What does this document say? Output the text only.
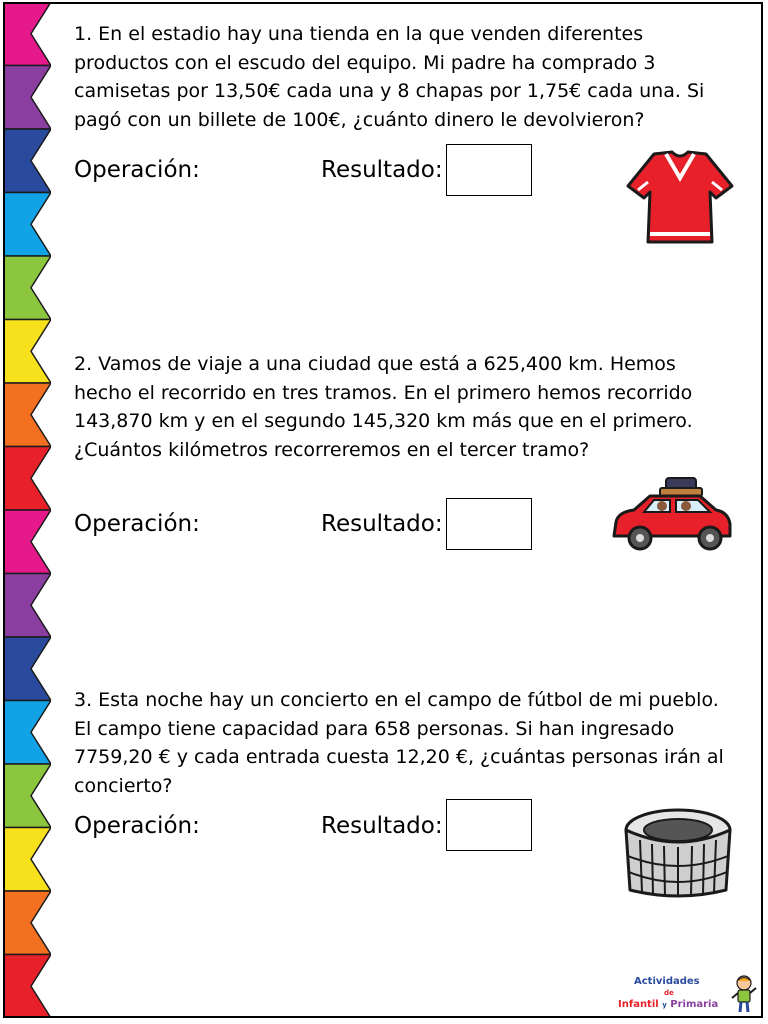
1. En el estadio hay una tienda en la que venden diferentes productos con el escudo del equipo. Mi padre ha comprado 3 camisetas por 13,50€ cada una y 8 chapas por 1,75€ cada una. Si pagó con un billete de 100€, ¿cuánto dinero le devolvieron?

Operación:	Resultado:

2. Vamos de viaje a una ciudad que está a 625,400 km. Hemos hecho el recorrido en tres tramos. En el primero hemos recorrido 143,870 km y en el segundo 145,320 km más que en el primero. ¿Cuántos kilómetros recorreremos en el tercer tramo?

Operación:	Resultado:

3. Esta noche hay un concierto en el campo de fútbol de mi pueblo. El campo tiene capacidad para 658 personas. Si han ingresado 7759,20 € y cada entrada cuesta 12,20 €, ¿cuántas personas irán al concierto?

Operación:	Resultado:
Actividades
de
Infantil y Primaria
